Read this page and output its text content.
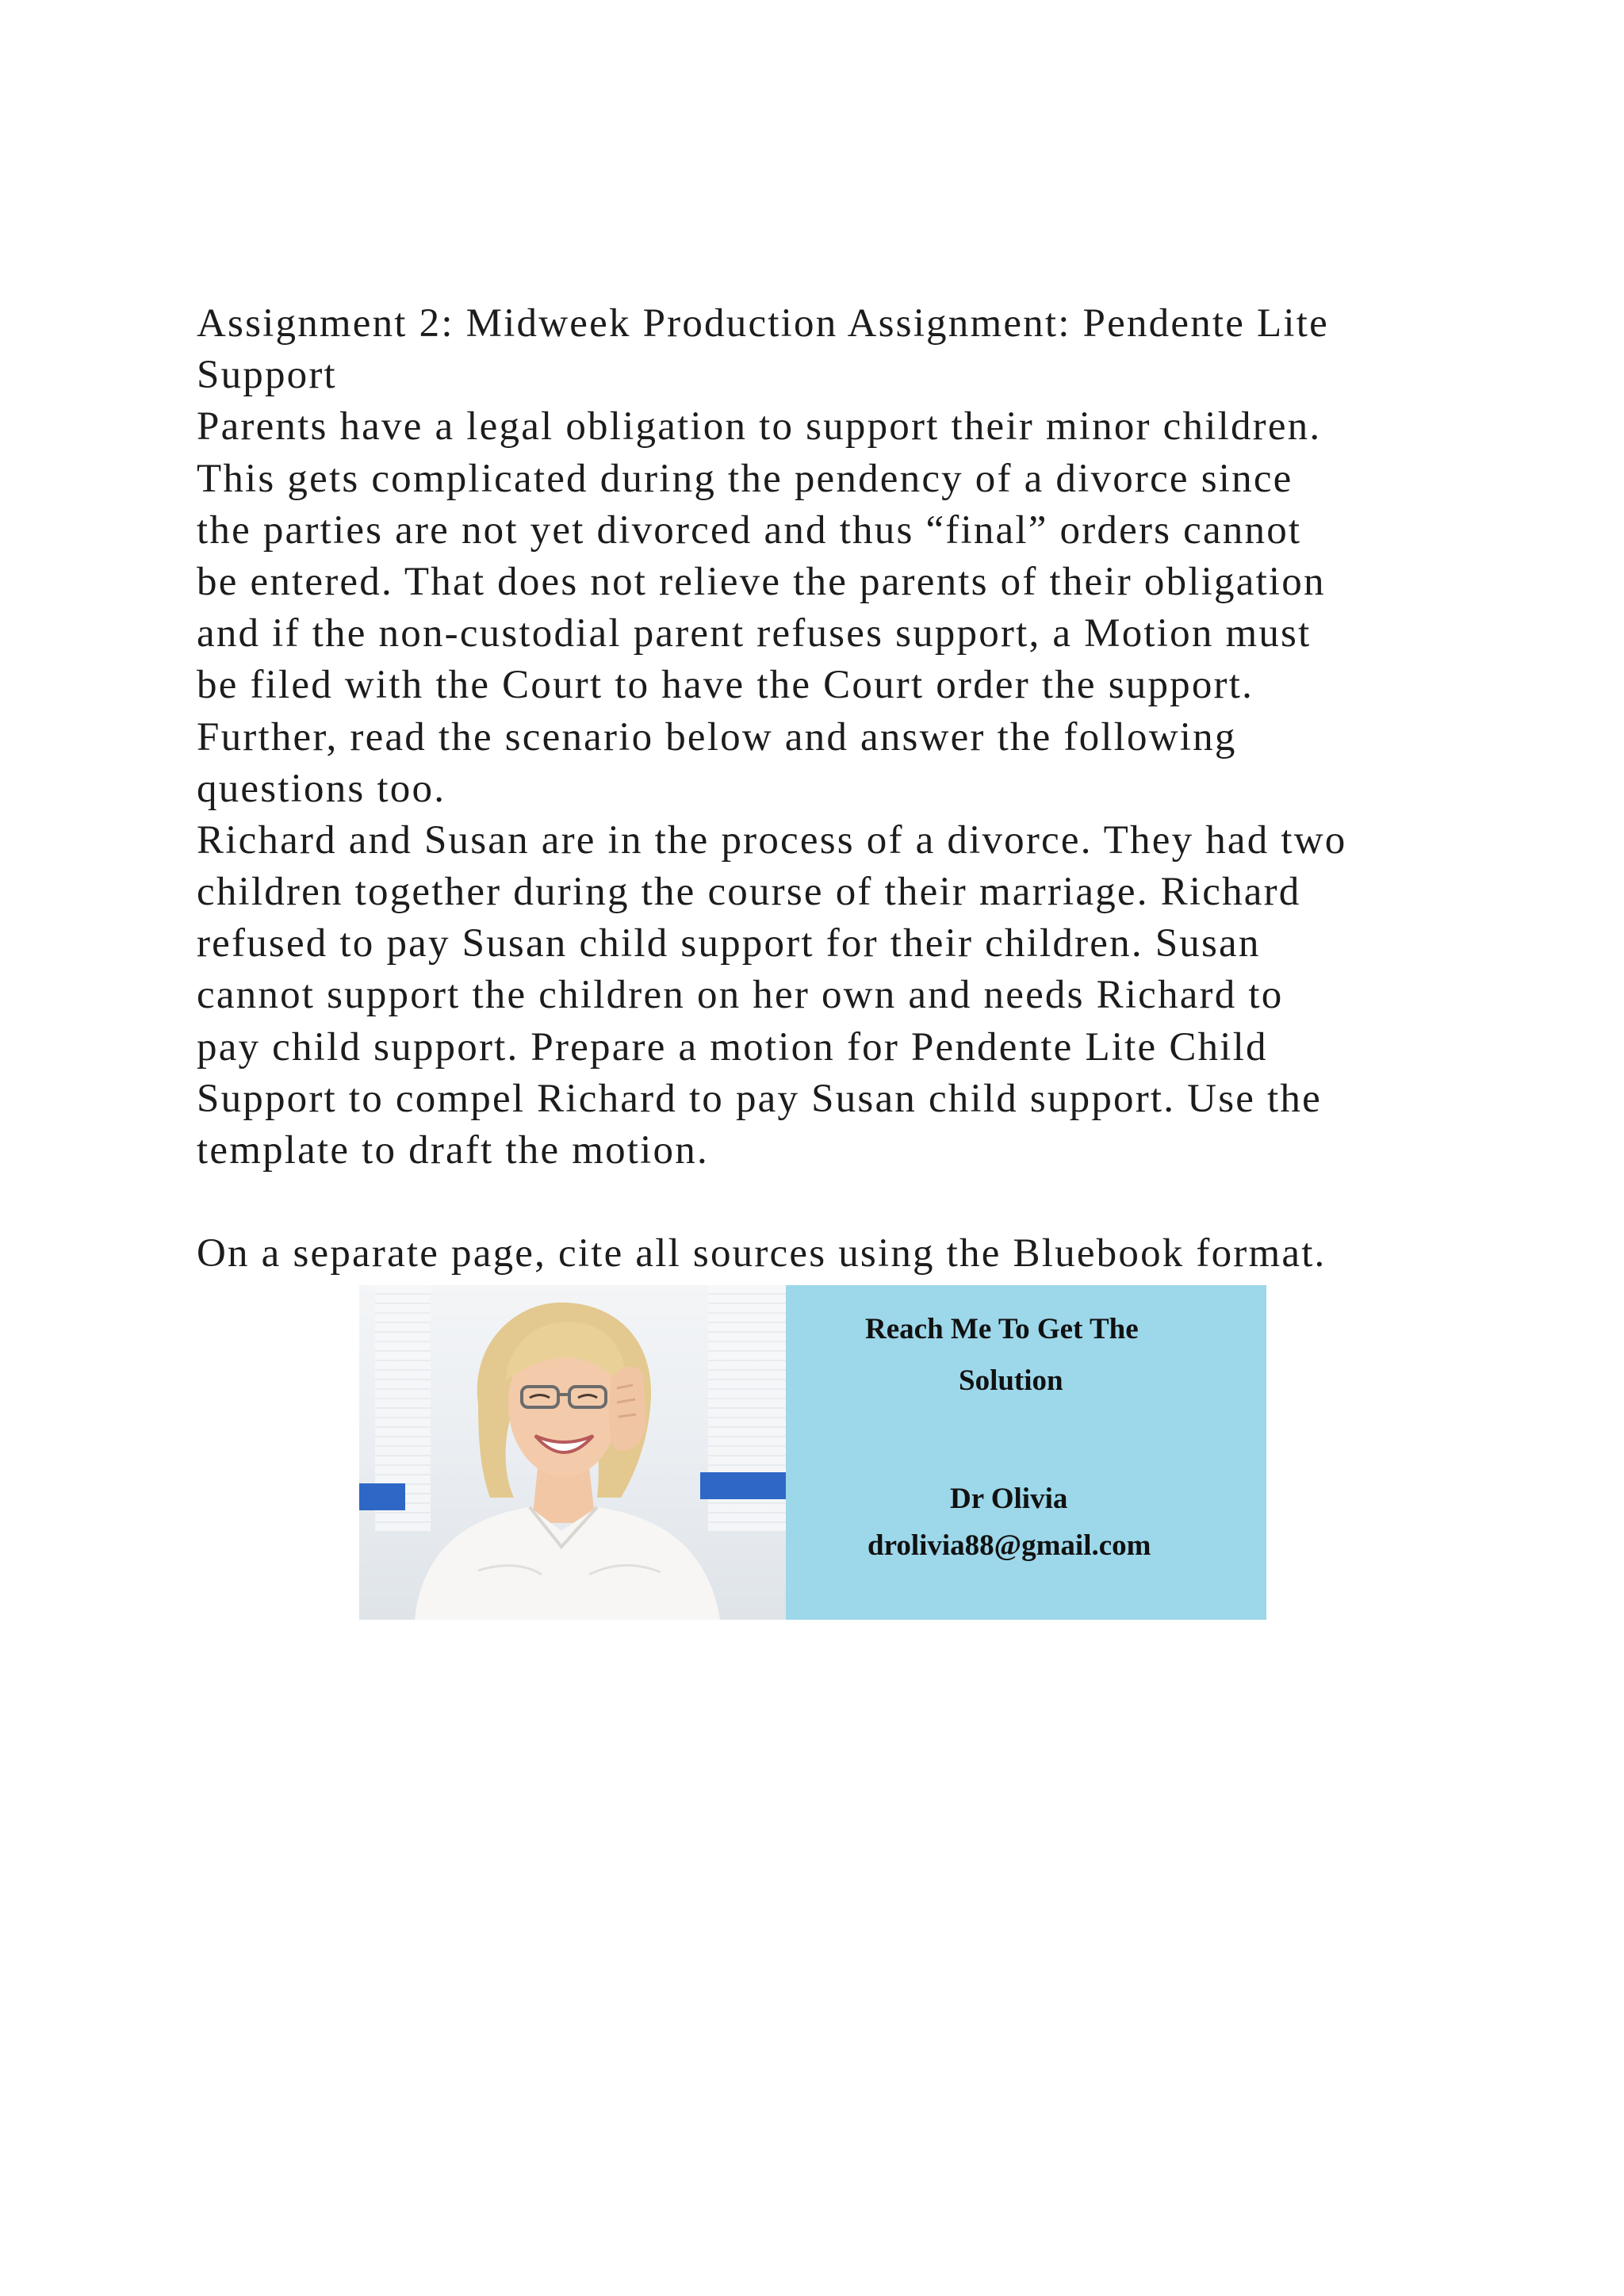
Assignment 2: Midweek Production Assignment: Pendente Lite
Support
Parents have a legal obligation to support their minor children.
This gets complicated during the pendency of a divorce since
the parties are not yet divorced and thus “final” orders cannot
be entered. That does not relieve the parents of their obligation
and if the non-custodial parent refuses support, a Motion must
be filed with the Court to have the Court order the support.
Further, read the scenario below and answer the following
questions too.
Richard and Susan are in the process of a divorce. They had two
children together during the course of their marriage. Richard
refused to pay Susan child support for their children. Susan
cannot support the children on her own and needs Richard to
pay child support. Prepare a motion for Pendente Lite Child
Support to compel Richard to pay Susan child support. Use the
template to draft the motion.
On a separate page, cite all sources using the Bluebook format.
Reach Me To Get The
Solution
Dr Olivia
drolivia88@gmail.com
